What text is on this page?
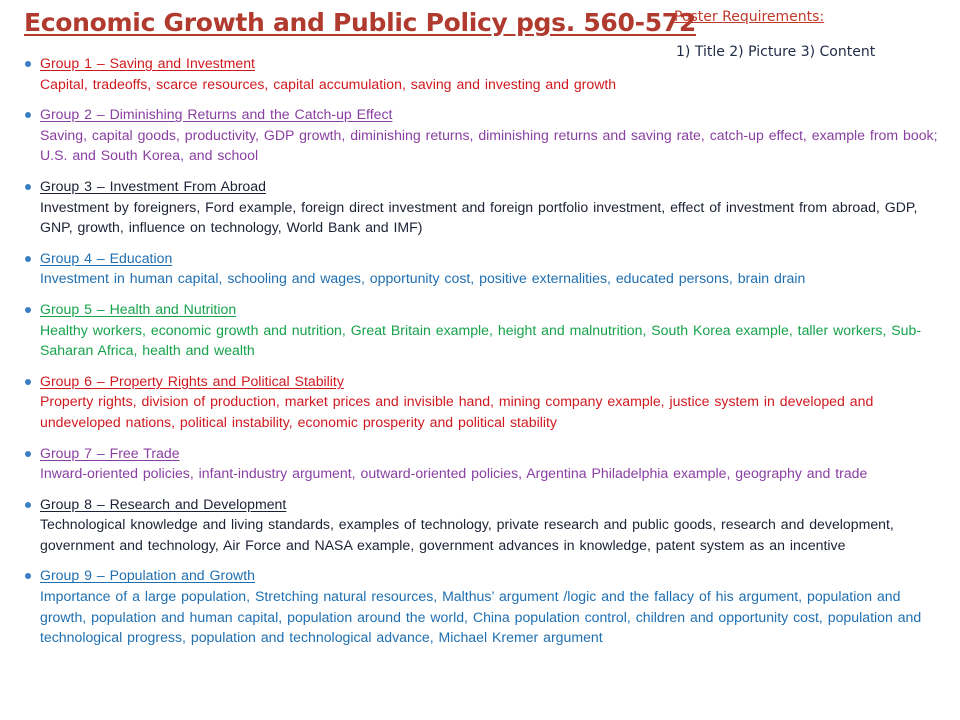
Economic Growth and Public Policy pgs. 560-572
Poster Requirements:
1) Title 2) Picture 3) Content
Group 1 – Saving and Investment
Capital, tradeoffs, scarce resources, capital accumulation, saving and investing and growth
Group 2 – Diminishing Returns and the Catch-up Effect
Saving, capital goods, productivity, GDP growth, diminishing returns, diminishing returns and saving rate, catch-up effect, example from book; U.S. and South Korea, and school
Group 3 – Investment From Abroad
Investment by foreigners, Ford example, foreign direct investment and foreign portfolio investment, effect of investment from abroad, GDP, GNP, growth, influence on technology, World Bank and IMF)
Group 4 – Education
Investment in human capital, schooling and wages, opportunity cost, positive externalities, educated persons, brain drain
Group 5 – Health and Nutrition
Healthy workers, economic growth and nutrition, Great Britain example, height and malnutrition, South Korea example, taller workers, Sub-Saharan Africa, health and wealth
Group 6 – Property Rights and Political Stability
Property rights, division of production, market prices and invisible hand, mining company example, justice system in developed and undeveloped nations, political instability, economic prosperity and political stability
Group 7 – Free Trade
Inward-oriented policies, infant-industry argument, outward-oriented policies, Argentina Philadelphia example, geography and trade
Group 8 – Research and Development
Technological knowledge and living standards, examples of technology, private research and public goods, research and development, government and technology, Air Force and NASA example, government advances in knowledge, patent system as an incentive
Group 9 – Population and Growth
Importance of a large population, Stretching natural resources, Malthus’ argument /logic and the fallacy of his argument, population and growth, population and human capital, population around the world, China population control, children and opportunity cost, population and technological progress, population and technological advance, Michael Kremer argument
